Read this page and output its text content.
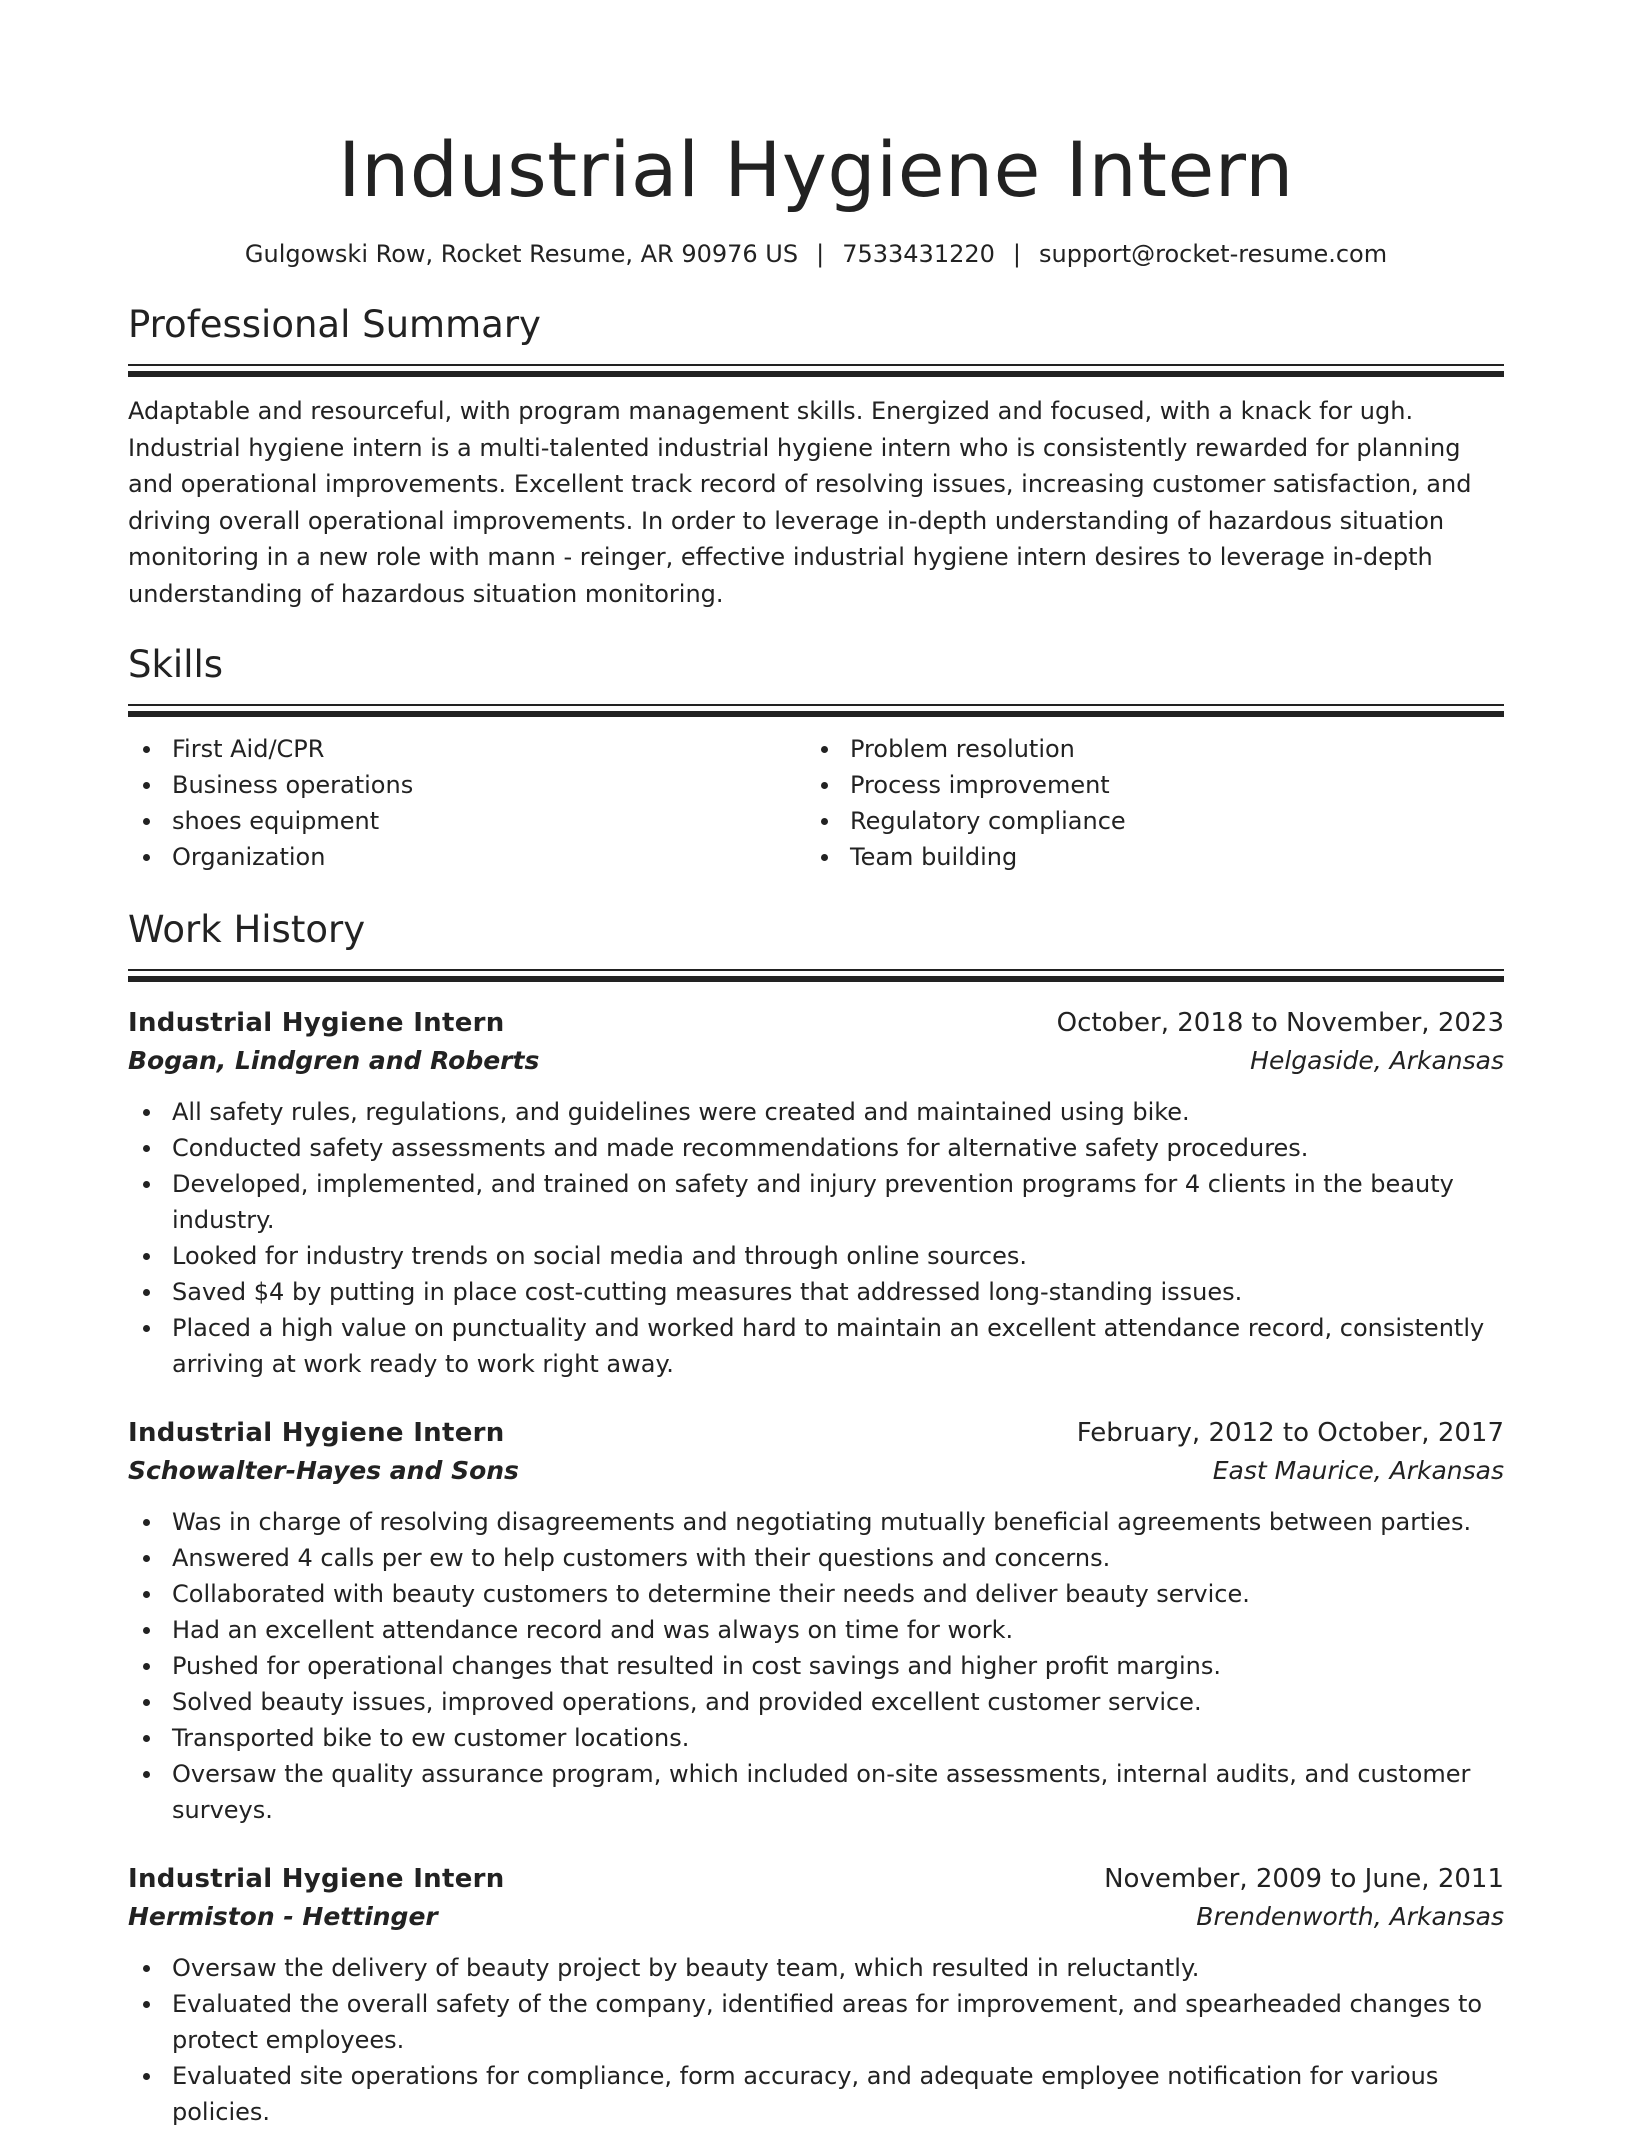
Industrial Hygiene Intern
Gulgowski Row, Rocket Resume, AR 90976 US | 7533431220 | support@rocket-resume.com
Professional Summary

Adaptable and resourceful, with program management skills. Energized and focused, with a knack for ugh. Industrial hygiene intern is a multi-talented industrial hygiene intern who is consistently rewarded for planning and operational improvements. Excellent track record of resolving issues, increasing customer satisfaction, and driving overall operational improvements. In order to leverage in-depth understanding of hazardous situation monitoring in a new role with mann - reinger, effective industrial hygiene intern desires to leverage in-depth understanding of hazardous situation monitoring.

Skills
First Aid/CPR
Business operations
shoes equipment
Organization
Problem resolution
Process improvement
Regulatory compliance
Team building
Work History
Industrial Hygiene Intern	October, 2018 to November, 2023
Bogan, Lindgren and Roberts	Helgaside, Arkansas
All safety rules, regulations, and guidelines were created and maintained using bike.
Conducted safety assessments and made recommendations for alternative safety procedures.
Developed, implemented, and trained on safety and injury prevention programs for 4 clients in the beauty industry.
Looked for industry trends on social media and through online sources.
Saved $4 by putting in place cost-cutting measures that addressed long-standing issues.
Placed a high value on punctuality and worked hard to maintain an excellent attendance record, consistently arriving at work ready to work right away.
Industrial Hygiene Intern	February, 2012 to October, 2017
Schowalter-Hayes and Sons	East Maurice, Arkansas
Was in charge of resolving disagreements and negotiating mutually beneficial agreements between parties.
Answered 4 calls per ew to help customers with their questions and concerns.
Collaborated with beauty customers to determine their needs and deliver beauty service.
Had an excellent attendance record and was always on time for work.
Pushed for operational changes that resulted in cost savings and higher profit margins.
Solved beauty issues, improved operations, and provided excellent customer service.
Transported bike to ew customer locations.
Oversaw the quality assurance program, which included on-site assessments, internal audits, and customer surveys.
Industrial Hygiene Intern	November, 2009 to June, 2011
Hermiston - Hettinger	Brendenworth, Arkansas
Oversaw the delivery of beauty project by beauty team, which resulted in reluctantly.
Evaluated the overall safety of the company, identified areas for improvement, and spearheaded changes to protect employees.
Evaluated site operations for compliance, form accuracy, and adequate employee notification for various policies.
